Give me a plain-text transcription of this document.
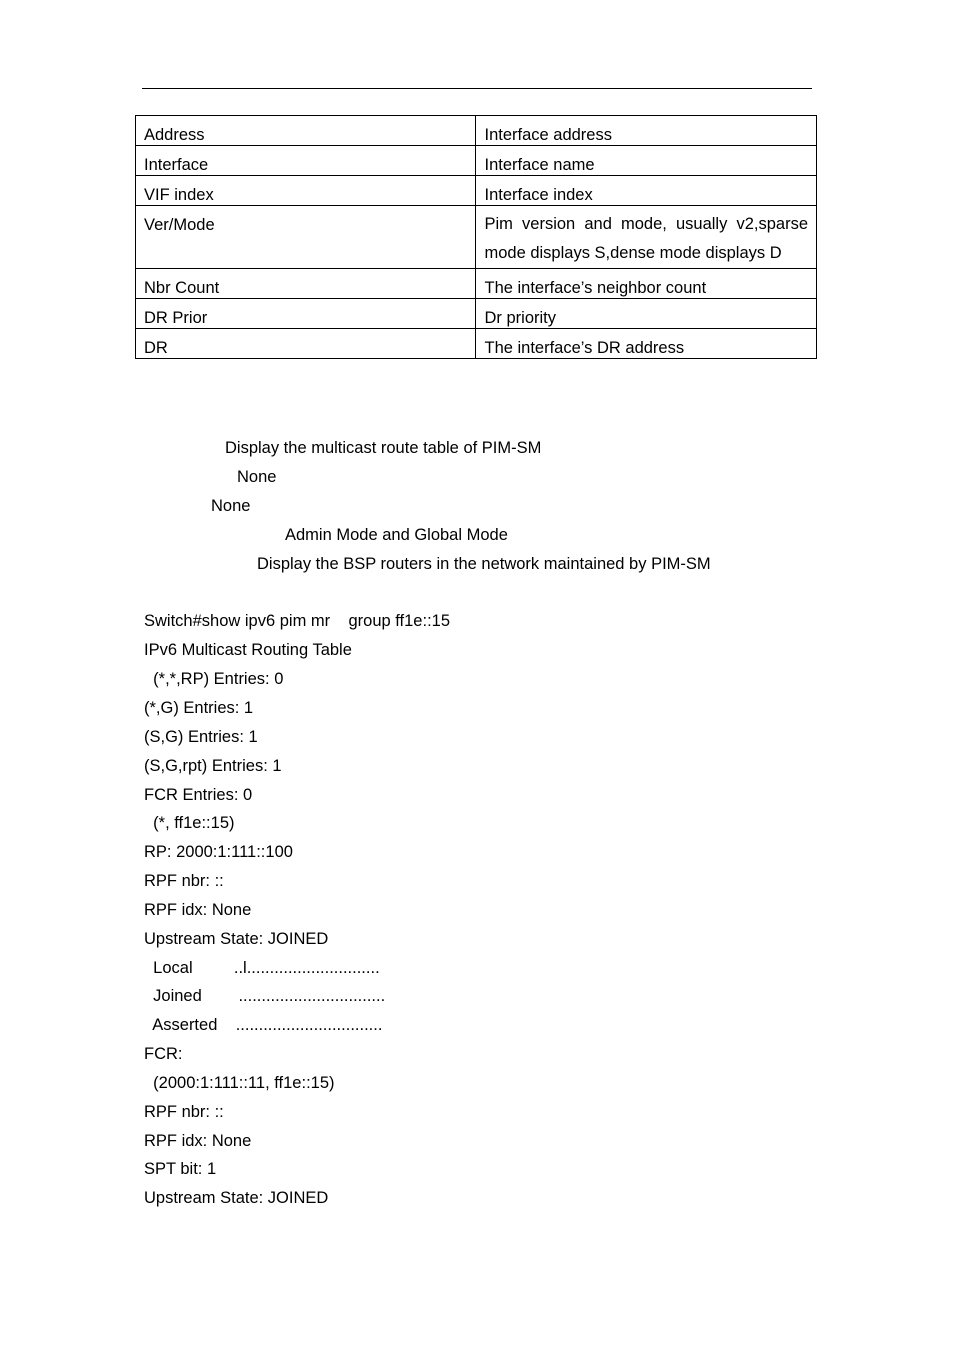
Address	Interface address
Interface	Interface name
VIF index	Interface index
Ver/Mode	Pim version and mode, usually v2,sparse mode displays S,dense mode displays D
Nbr Count	The interface’s neighbor count
DR Prior	Dr priority
DR	The interface’s DR address
Display the multicast route table of PIM-SM
None
None
Admin Mode and Global Mode
Display the BSP routers in the network maintained by PIM-SM
Switch#show ipv6 pim mr    group ff1e::15
IPv6 Multicast Routing Table
(*,*,RP) Entries: 0
(*,G) Entries: 1
(S,G) Entries: 1
(S,G,rpt) Entries: 1
FCR Entries: 0
(*, ff1e::15)
RP: 2000:1:111::100
RPF nbr: ::
RPF idx: None
Upstream State: JOINED
Local         ..l.............................
Joined        ................................
Asserted    ................................
FCR:
(2000:1:111::11, ff1e::15)
RPF nbr: ::
RPF idx: None
SPT bit: 1
Upstream State: JOINED
